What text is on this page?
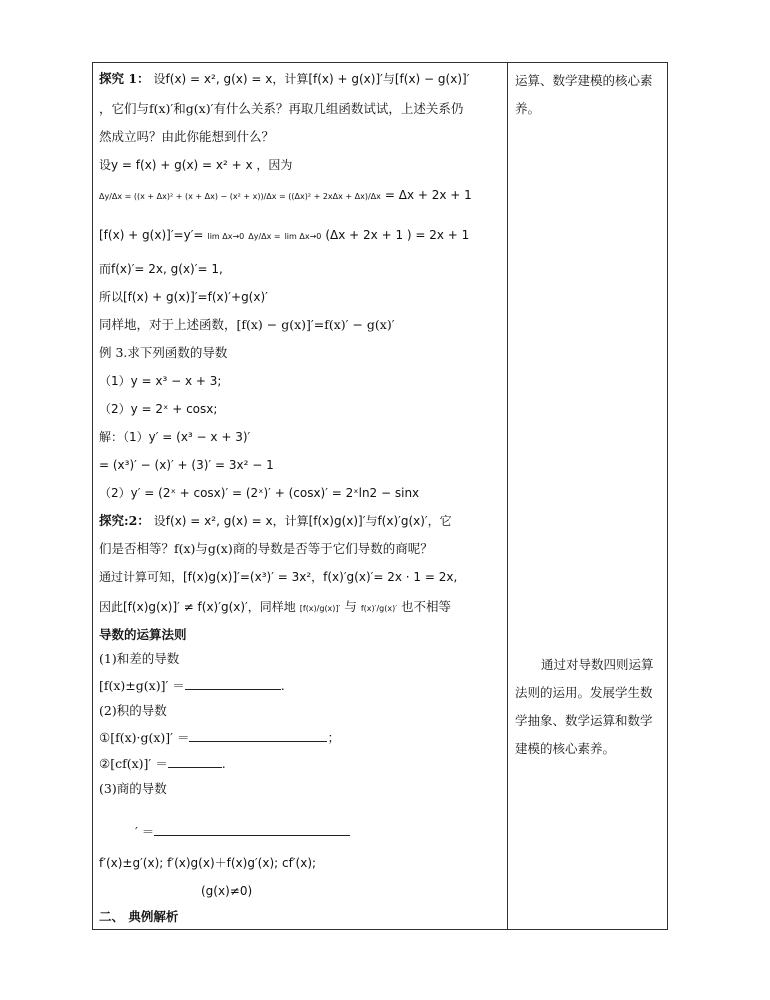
探究 1： 设f(x) = x², g(x) = x，计算[f(x) + g(x)]′与[f(x) − g(x)]′
，它们与f(x)′和g(x)′有什么关系？再取几组函数试试，上述关系仍
然成立吗？由此你能想到什么？
设y = f(x) + g(x) = x² + x ，因为
Δy/Δx = ((x + Δx)² + (x + Δx) − (x² + x))/Δx = ((Δx)² + 2xΔx + Δx)/Δx = Δx + 2x + 1
[f(x) + g(x)]′=y′= lim Δx→0 Δy/Δx = lim Δx→0 (Δx + 2x + 1 ) = 2x + 1
而f(x)′= 2x, g(x)′= 1,
所以[f(x) + g(x)]′=f(x)′+g(x)′
同样地，对于上述函数，[f(x) − g(x)]′=f(x)′ − g(x)′
例 3.求下列函数的导数
（1）y = x³ − x + 3;
（2）y = 2ˣ + cosx;
解：（1）y′ = (x³ − x + 3)′
= (x³)′ − (x)′ + (3)′ = 3x² − 1
（2）y′ = (2ˣ + cosx)′ = (2ˣ)′ + (cosx)′ = 2ˣln2 − sinx
探究:2： 设f(x) = x², g(x) = x，计算[f(x)g(x)]′与f(x)′g(x)′，它
们是否相等？f(x)与g(x)商的导数是否等于它们导数的商呢？
通过计算可知，[f(x)g(x)]′=(x³)′ = 3x²，f(x)′g(x)′= 2x · 1 = 2x,
因此[f(x)g(x)]′ ≠ f(x)′g(x)′，同样地 [f(x)/g(x)]′ 与 f(x)′/g(x)′ 也不相等
导数的运算法则
(1)和差的导数
[f(x)±g(x)]′ ＝	.
(2)积的导数
①[f(x)·g(x)]′ ＝	；
②[cf(x)]′ ＝	.
(3)商的导数
′ ＝
f′(x)±g′(x); f′(x)g(x)＋f(x)g′(x); cf′(x);
(g(x)≠0)
二、 典例解析
运算、数学建模的核心素养。
通过对导数四则运算法则的运用。发展学生数学抽象、数学运算和数学建模的核心素养。
